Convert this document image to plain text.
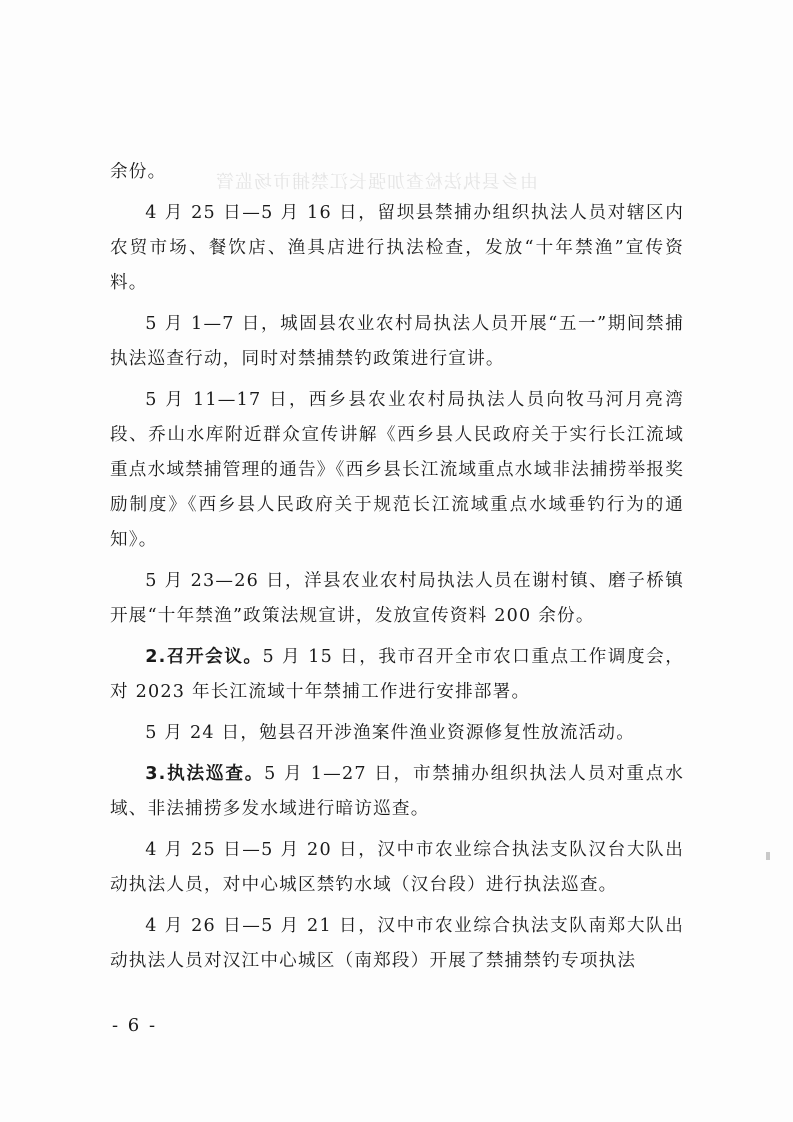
由乡县执法检查加强长江禁捕市场监管

余份。

4 月 25 日—5 月 16 日，留坝县禁捕办组织执法人员对辖区内农贸市场、餐饮店、渔具店进行执法检查，发放“十年禁渔”宣传资料。

5 月 1—7 日，城固县农业农村局执法人员开展“五一”期间禁捕执法巡查行动，同时对禁捕禁钓政策进行宣讲。

5 月 11—17 日，西乡县农业农村局执法人员向牧马河月亮湾段、乔山水库附近群众宣传讲解《西乡县人民政府关于实行长江流域重点水域禁捕管理的通告》《西乡县长江流域重点水域非法捕捞举报奖励制度》《西乡县人民政府关于规范长江流域重点水域垂钓行为的通知》。

5 月 23—26 日，洋县农业农村局执法人员在谢村镇、磨子桥镇开展“十年禁渔”政策法规宣讲，发放宣传资料 200 余份。

2.召开会议。5 月 15 日，我市召开全市农口重点工作调度会，对 2023 年长江流域十年禁捕工作进行安排部署。

5 月 24 日，勉县召开涉渔案件渔业资源修复性放流活动。

3.执法巡查。5 月 1—27 日，市禁捕办组织执法人员对重点水域、非法捕捞多发水域进行暗访巡查。

4 月 25 日—5 月 20 日，汉中市农业综合执法支队汉台大队出动执法人员，对中心城区禁钓水域（汉台段）进行执法巡查。

4 月 26 日—5 月 21 日，汉中市农业综合执法支队南郑大队出动执法人员对汉江中心城区（南郑段）开展了禁捕禁钓专项执法

- 6 -
